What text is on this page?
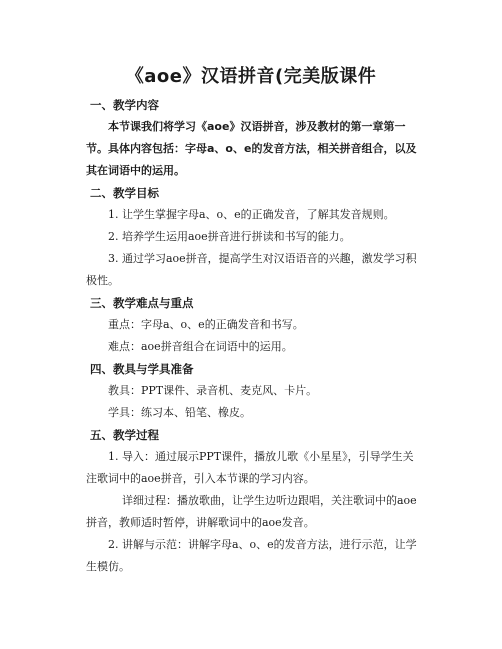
《aoe》汉语拼音(完美版课件
一、教学内容
本节课我们将学习《aoe》汉语拼音，涉及教材的第一章第一节。具体内容包括：字母a、o、e的发音方法，相关拼音组合，以及其在词语中的运用。
二、教学目标
1. 让学生掌握字母a、o、e的正确发音，了解其发音规则。
2. 培养学生运用aoe拼音进行拼读和书写的能力。
3. 通过学习aoe拼音，提高学生对汉语语音的兴趣，激发学习积极性。
三、教学难点与重点
重点：字母a、o、e的正确发音和书写。
难点：aoe拼音组合在词语中的运用。
四、教具与学具准备
教具：PPT课件、录音机、麦克风、卡片。
学具：练习本、铅笔、橡皮。
五、教学过程
1. 导入：通过展示PPT课件，播放儿歌《小星星》，引导学生关注歌词中的aoe拼音，引入本节课的学习内容。
详细过程：播放歌曲，让学生边听边跟唱，关注歌词中的aoe拼音，教师适时暂停，讲解歌词中的aoe发音。
2. 讲解与示范：讲解字母a、o、e的发音方法，进行示范，让学生模仿。
